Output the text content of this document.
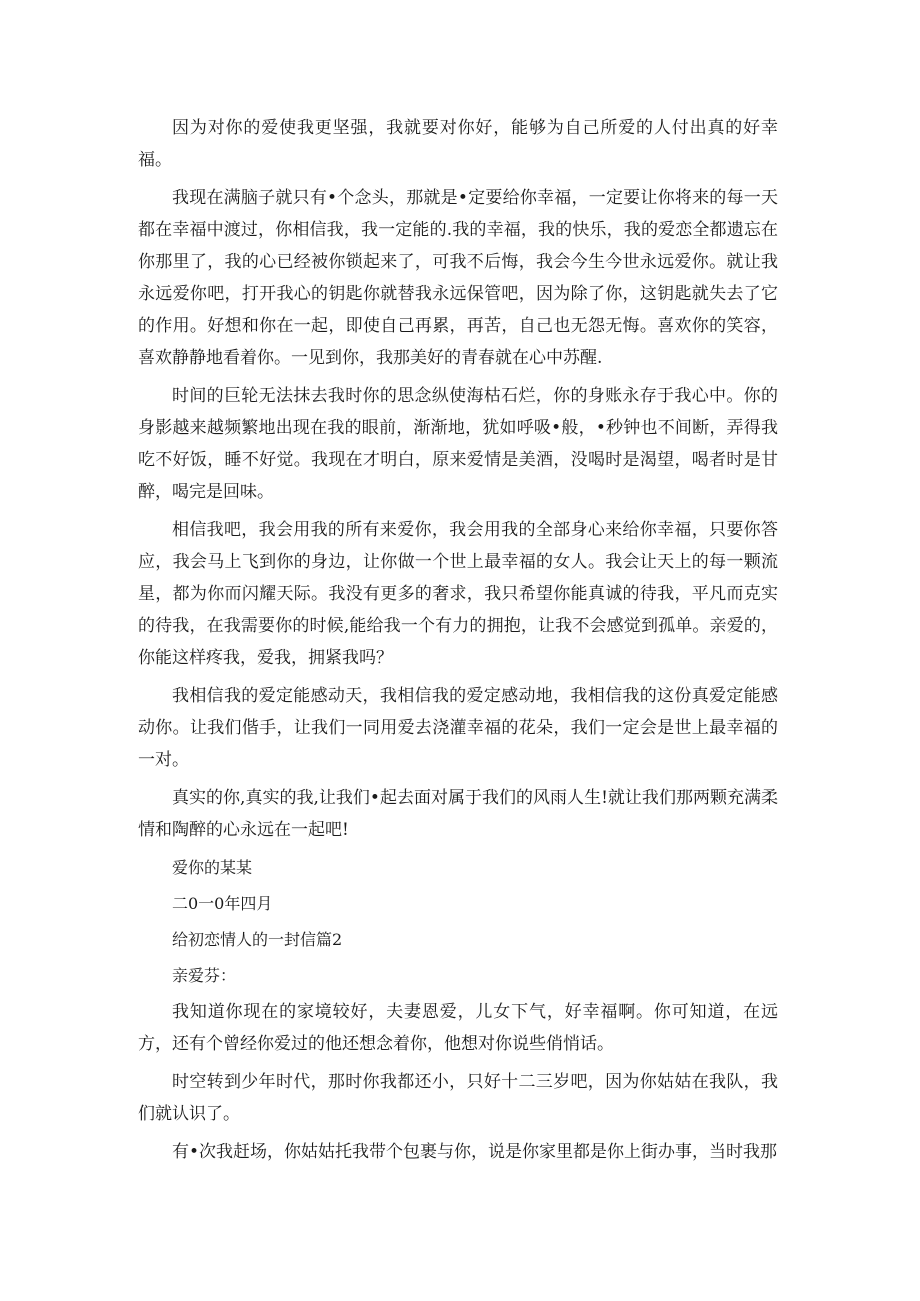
因为对你的爱使我更坚强，我就要对你好，能够为自己所爱的人付出真的好幸福。

我现在满脑子就只有•个念头，那就是•定要给你幸福，一定要让你将来的每一天都在幸福中渡过，你相信我，我一定能的.我的幸福，我的快乐，我的爱恋全都遗忘在你那里了，我的心已经被你锁起来了，可我不后悔，我会今生今世永远爱你。就让我永远爱你吧，打开我心的钥匙你就替我永远保管吧，因为除了你，这钥匙就失去了它的作用。好想和你在一起，即使自己再累，再苦，自己也无怨无悔。喜欢你的笑容，喜欢静静地看着你。一见到你，我那美好的青春就在心中苏醒.

时间的巨轮无法抹去我时你的思念纵使海枯石烂，你的身账永存于我心中。你的身影越来越频繁地出现在我的眼前，渐渐地，犹如呼吸•般，•秒钟也不间断，弄得我吃不好饭，睡不好觉。我现在才明白，原来爱情是美酒，没喝时是渴望，喝者时是甘醉，喝完是回味。

相信我吧，我会用我的所有来爱你，我会用我的全部身心来给你幸福，只要你答应，我会马上飞到你的身边，让你做一个世上最幸福的女人。我会让天上的每一颗流星，都为你而闪耀天际。我没有更多的奢求，我只希望你能真诚的待我，平凡而克实的待我，在我需要你的时候,能给我一个有力的拥抱，让我不会感觉到孤单。亲爱的，你能这样疼我，爱我，拥紧我吗？

我相信我的爱定能感动天，我相信我的爱定感动地，我相信我的这份真爱定能感动你。让我们偕手，让我们一同用爱去浇灌幸福的花朵，我们一定会是世上最幸福的一对。

真实的你,真实的我,让我们•起去面对属于我们的风雨人生!就让我们那两颗充满柔情和陶醉的心永远在一起吧!

爱你的某某

二0一0年四月

给初恋情人的一封信篇2

亲爱芬：

我知道你现在的家境较好，夫妻恩爱，儿女下气，好幸福啊。你可知道，在远方，还有个曾经你爱过的他还想念着你，他想对你说些俏悄话。

时空转到少年时代，那时你我都还小，只好十二三岁吧，因为你姑姑在我队，我们就认识了。

有•次我赶场，你姑姑托我带个包裹与你，说是你家里都是你上街办事，当时我那
